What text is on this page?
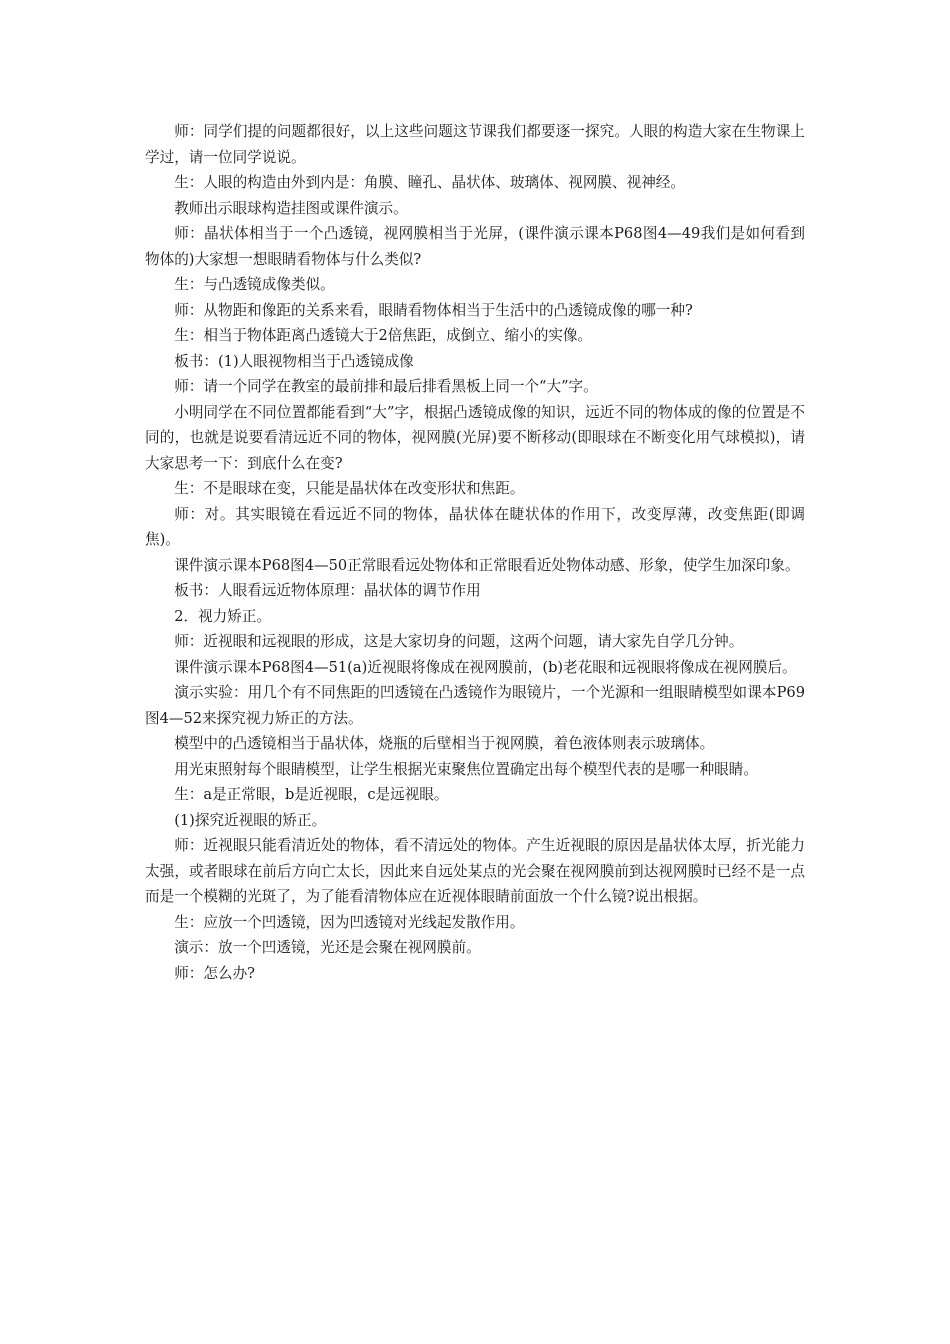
师：同学们提的问题都很好，以上这些问题这节课我们都要逐一探究。人眼的构造大家在生物课上学过，请一位同学说说。

生：人眼的构造由外到内是：角膜、瞳孔、晶状体、玻璃体、视网膜、视神经。

教师出示眼球构造挂图或课件演示。

师：晶状体相当于一个凸透镜，视网膜相当于光屏，(课件演示课本P68图4—49我们是如何看到物体的)大家想一想眼睛看物体与什么类似?

生：与凸透镜成像类似。

师：从物距和像距的关系来看，眼睛看物体相当于生活中的凸透镜成像的哪一种?

生：相当于物体距离凸透镜大于2倍焦距，成倒立、缩小的实像。

板书：(1)人眼视物相当于凸透镜成像

师：请一个同学在教室的最前排和最后排看黑板上同一个“大”字。

小明同学在不同位置都能看到“大”字，根据凸透镜成像的知识，远近不同的物体成的像的位置是不同的，也就是说要看清远近不同的物体，视网膜(光屏)要不断移动(即眼球在不断变化用气球模拟)，请大家思考一下：到底什么在变?

生：不是眼球在变，只能是晶状体在改变形状和焦距。

师：对。其实眼镜在看远近不同的物体，晶状体在睫状体的作用下，改变厚薄，改变焦距(即调焦)。

课件演示课本P68图4—50正常眼看远处物体和正常眼看近处物体动感、形象，使学生加深印象。

板书：人眼看远近物体原理：晶状体的调节作用

2．视力矫正。

师：近视眼和远视眼的形成，这是大家切身的问题，这两个问题，请大家先自学几分钟。

课件演示课本P68图4—51(a)近视眼将像成在视网膜前，(b)老花眼和远视眼将像成在视网膜后。

演示实验：用几个有不同焦距的凹透镜在凸透镜作为眼镜片，一个光源和一组眼睛模型如课本P69图4—52来探究视力矫正的方法。

模型中的凸透镜相当于晶状体，烧瓶的后壁相当于视网膜，着色液体则表示玻璃体。

用光束照射每个眼睛模型，让学生根据光束聚焦位置确定出每个模型代表的是哪一种眼睛。

生：a是正常眼，b是近视眼，c是远视眼。

(1)探究近视眼的矫正。

师：近视眼只能看清近处的物体，看不清远处的物体。产生近视眼的原因是晶状体太厚，折光能力太强，或者眼球在前后方向亡太长，因此来自远处某点的光会聚在视网膜前到达视网膜时已经不是一点而是一个模糊的光斑了，为了能看清物体应在近视体眼睛前面放一个什么镜?说出根据。

生：应放一个凹透镜，因为凹透镜对光线起发散作用。

演示：放一个凹透镜，光还是会聚在视网膜前。

师：怎么办?
